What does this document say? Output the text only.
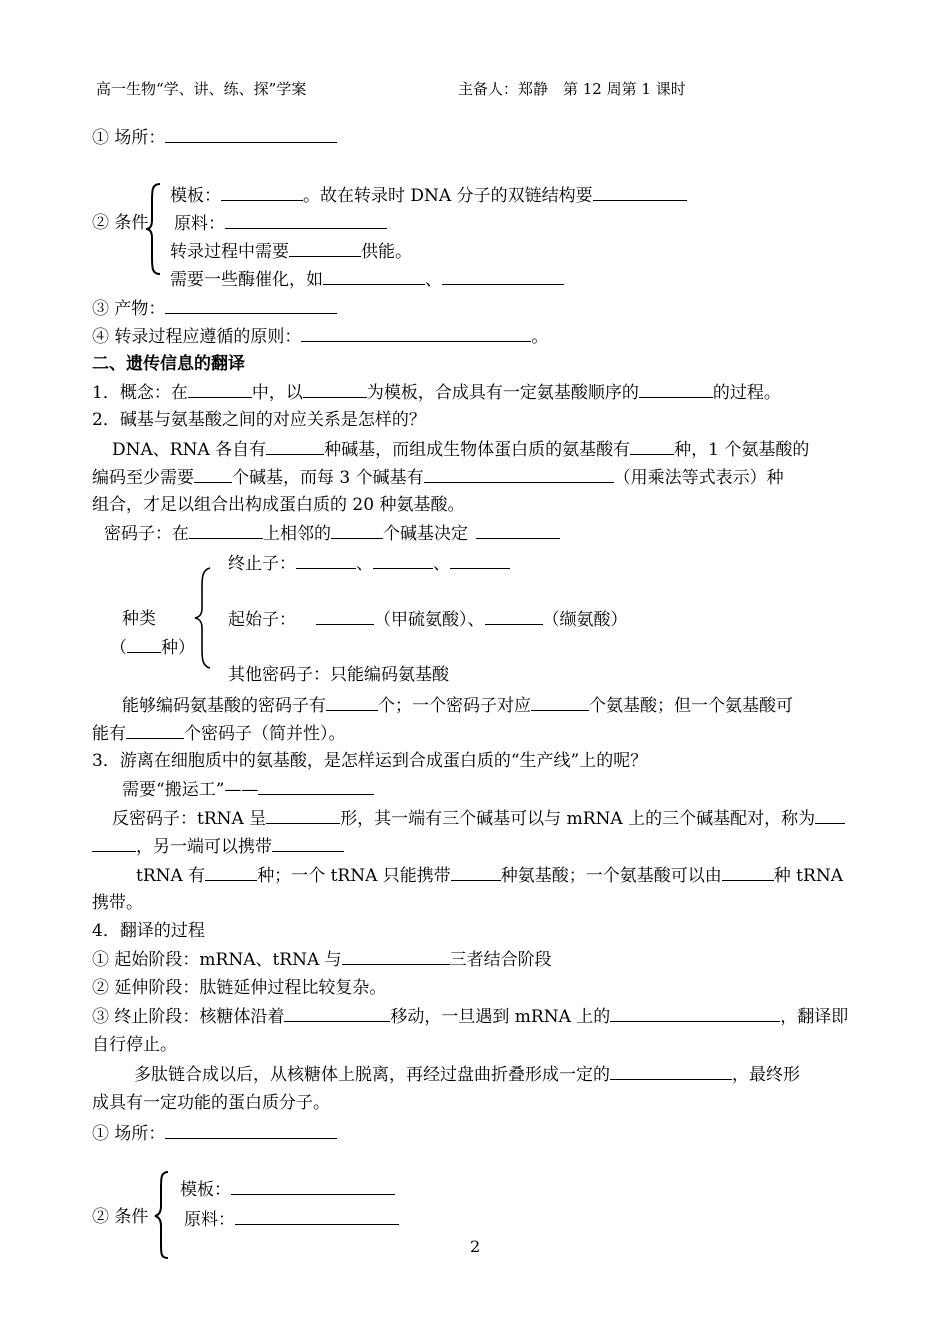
高一生物“学、讲、练、探”学案	主备人：郑静　第 12 周第 1 课时
① 场所：
② 条件
模板：	。故在转录时 DNA 分子的双链结构要
原料：
转录过程中需要	供能。
需要一些酶催化，如	、
③ 产物：
④ 转录过程应遵循的原则：	。
二、遗传信息的翻译
1．概念：在	中，以	为模板，合成具有一定氨基酸顺序的	的过程。
2．碱基与氨基酸之间的对应关系是怎样的？
DNA、RNA 各自有	种碱基，而组成生物体蛋白质的氨基酸有	种，1 个氨基酸的
编码至少需要 个碱基，而每 3 个碱基有	（用乘法等式表示）种
组合，才足以组合出构成蛋白质的 20 种氨基酸。
密码子：在	上相邻的	个碱基决定
终止子：	、	、
种类
（ 种）
起始子：	（甲硫氨酸）、	（缬氨酸）
其他密码子：只能编码氨基酸
能够编码氨基酸的密码子有	个；一个密码子对应	个氨基酸；但一个氨基酸可
能有	个密码子（简并性）。
3．游离在细胞质中的氨基酸，是怎样运到合成蛋白质的“生产线”上的呢？
需要“搬运工”——
反密码子：tRNA 呈	形，其一端有三个碱基可以与 mRNA 上的三个碱基配对，称为
，另一端可以携带
tRNA 有	种；一个 tRNA 只能携带	种氨基酸；一个氨基酸可以由	种 tRNA
携带。
4．翻译的过程
① 起始阶段：mRNA、tRNA 与	三者结合阶段
② 延伸阶段：肽链延伸过程比较复杂。
③ 终止阶段：核糖体沿着	移动，一旦遇到 mRNA 上的	，翻译即
自行停止。
多肽链合成以后，从核糖体上脱离，再经过盘曲折叠形成一定的	，最终形
成具有一定功能的蛋白质分子。
① 场所：
② 条件
模板：
原料：
2
